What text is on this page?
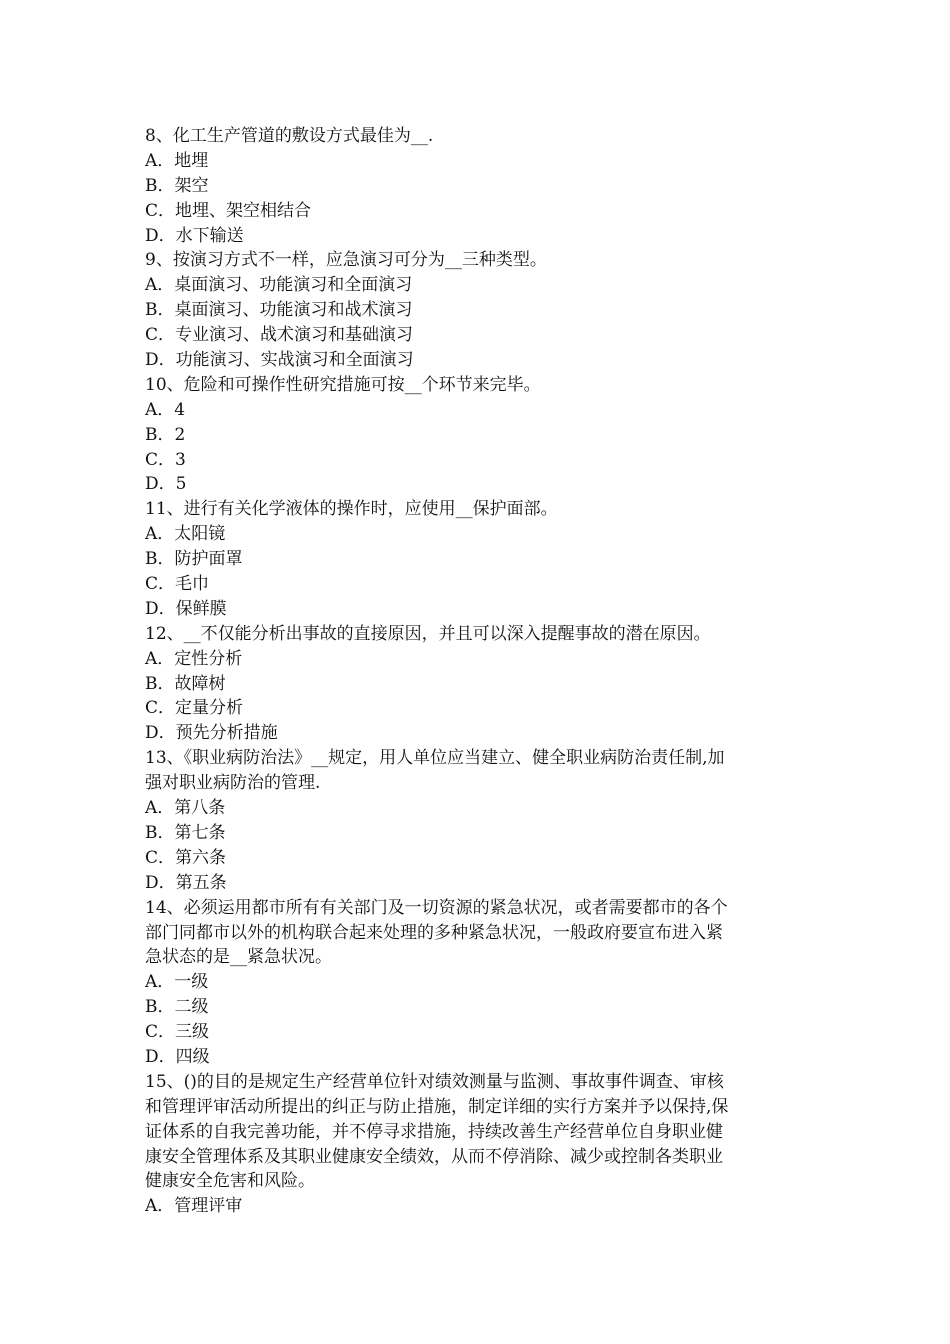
8、化工生产管道的敷设方式最佳为__.
A．地埋
B．架空
C．地埋、架空相结合
D．水下输送
9、按演习方式不一样，应急演习可分为__三种类型。
A．桌面演习、功能演习和全面演习
B．桌面演习、功能演习和战术演习
C．专业演习、战术演习和基础演习
D．功能演习、实战演习和全面演习
10、危险和可操作性研究措施可按__个环节来完毕。
A．4
B．2
C．3
D．5
11、进行有关化学液体的操作时，应使用__保护面部。
A．太阳镜
B．防护面罩
C．毛巾
D．保鲜膜
12、__不仅能分析出事故的直接原因，并且可以深入提醒事故的潜在原因。
A．定性分析
B．故障树
C．定量分析
D．预先分析措施
13、《职业病防治法》__规定，用人单位应当建立、健全职业病防治责任制,加
强对职业病防治的管理.
A．第八条
B．第七条
C．第六条
D．第五条
14、必须运用都市所有有关部门及一切资源的紧急状况，或者需要都市的各个
部门同都市以外的机构联合起来处理的多种紧急状况，一般政府要宣布进入紧
急状态的是__紧急状况。
A．一级
B．二级
C．三级
D．四级
15、()的目的是规定生产经营单位针对绩效测量与监测、事故事件调查、审核
和管理评审活动所提出的纠正与防止措施，制定详细的实行方案并予以保持,保
证体系的自我完善功能，并不停寻求措施，持续改善生产经营单位自身职业健
康安全管理体系及其职业健康安全绩效，从而不停消除、减少或控制各类职业
健康安全危害和风险。
A．管理评审
